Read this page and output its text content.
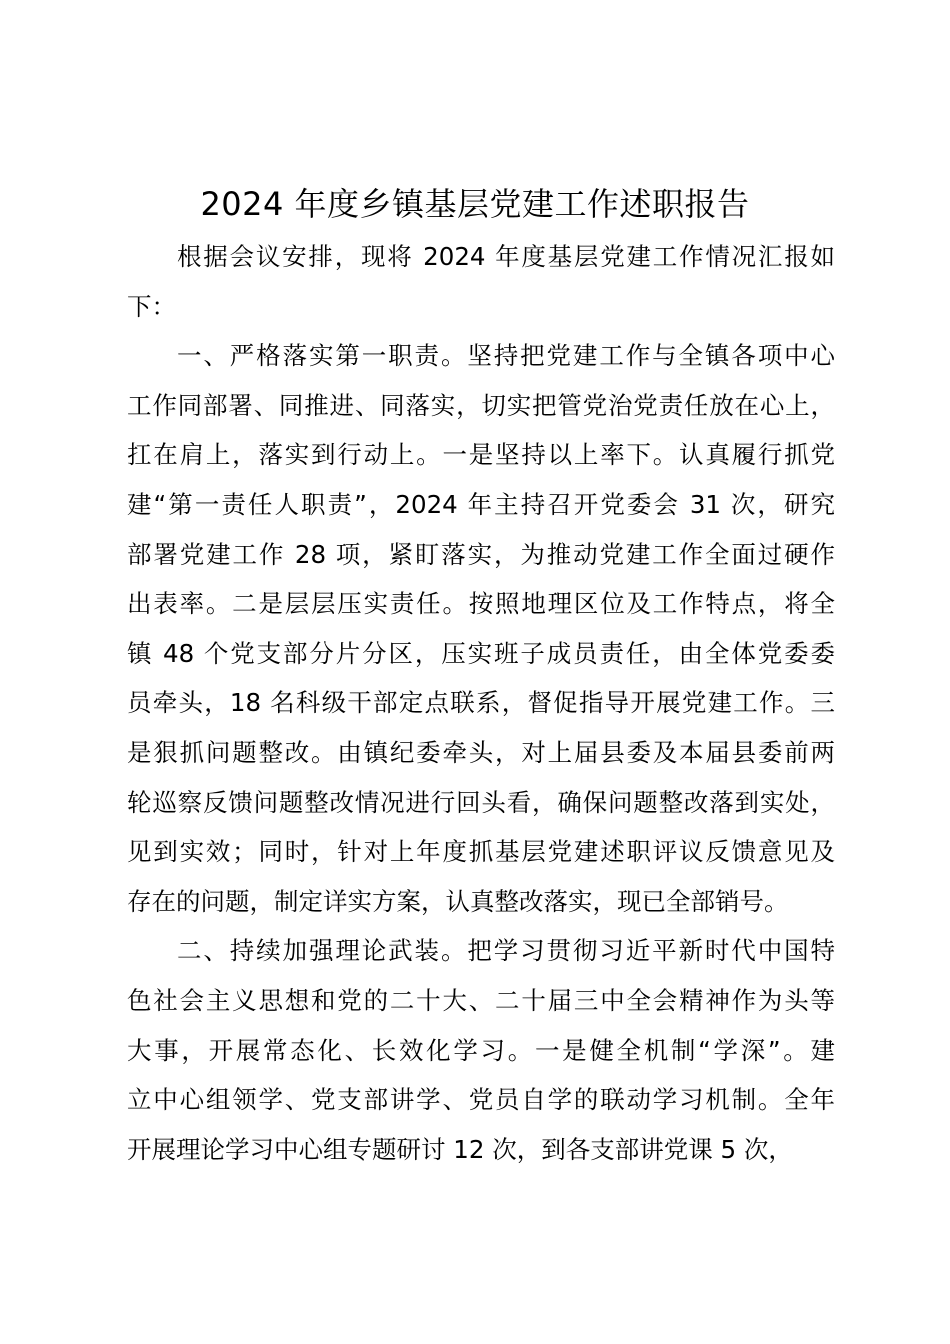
2024 年度乡镇基层党建工作述职报告
根据会议安排，现将 2024 年度基层党建工作情况汇报如
下：
一、严格落实第一职责。坚持把党建工作与全镇各项中心
工作同部署、同推进、同落实，切实把管党治党责任放在心上，
扛在肩上，落实到行动上。一是坚持以上率下。认真履行抓党
建“第一责任人职责”，2024 年主持召开党委会 31 次，研究
部署党建工作 28 项，紧盯落实，为推动党建工作全面过硬作
出表率。二是层层压实责任。按照地理区位及工作特点，将全
镇 48 个党支部分片分区，压实班子成员责任，由全体党委委
员牵头，18 名科级干部定点联系，督促指导开展党建工作。三
是狠抓问题整改。由镇纪委牵头，对上届县委及本届县委前两
轮巡察反馈问题整改情况进行回头看，确保问题整改落到实处，
见到实效；同时，针对上年度抓基层党建述职评议反馈意见及
存在的问题，制定详实方案，认真整改落实，现已全部销号。
二、持续加强理论武装。把学习贯彻习近平新时代中国特
色社会主义思想和党的二十大、二十届三中全会精神作为头等
大事，开展常态化、长效化学习。一是健全机制“学深”。建
立中心组领学、党支部讲学、党员自学的联动学习机制。全年
开展理论学习中心组专题研讨 12 次，到各支部讲党课 5 次，
